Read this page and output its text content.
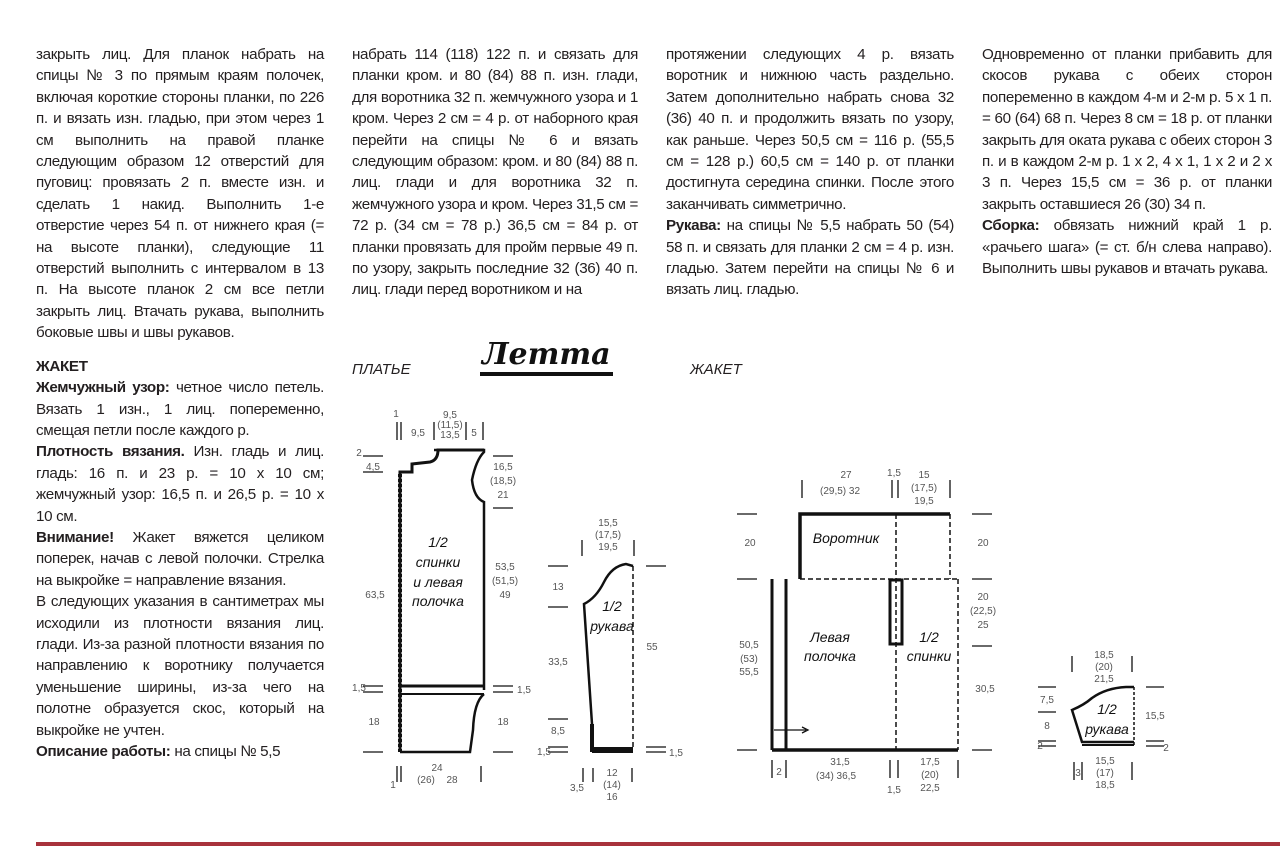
закрыть лиц. Для планок набрать на спицы № 3 по прямым краям полочек, включая короткие стороны планки, по 226 п. и вязать изн. гладью, при этом через 1 см выполнить на правой планке следующим образом 12 отверстий для пуговиц: провязать 2 п. вместе изн. и сделать 1 накид. Выполнить 1-е отверстие через 54 п. от нижнего края (= на высоте планки), следующие 11 отверстий выполнить с интервалом в 13 п. На высоте планок 2 см все петли закрыть лиц. Втачать рукава, выполнить боковые швы и швы рукавов.

ЖАКЕТ

Жемчужный узор: четное число петель. Вязать 1 изн., 1 лиц. попеременно, смещая петли после каждого р.

Плотность вязания. Изн. гладь и лиц. гладь: 16 п. и 23 р. = 10 х 10 см; жемчужный узор: 16,5 п. и 26,5 р. = 10 х 10 см.

Внимание! Жакет вяжется целиком поперек, начав с левой полочки. Стрелка на выкройке = направление вязания.

В следующих указания в сантиметрах мы исходили из плотности вязания лиц. глади. Из-за разной плотности вязания по направлению к воротнику получается уменьшение ширины, из-за чего на полотне образуется скос, который на выкройке не учтен.

Описание работы: на спицы № 5,5

набрать 114 (118) 122 п. и связать для планки кром. и 80 (84) 88 п. изн. глади, для воротника 32 п. жемчужного узора и 1 кром. Через 2 см = 4 р. от наборного края перейти на спицы № 6 и вязать следующим образом: кром. и 80 (84) 88 п. лиц. глади и для воротника 32 п. жемчужного узора и кром. Через 31,5 см = 72 р. (34 см = 78 р.) 36,5 см = 84 р. от планки провязать для пройм первые 49 п. по узору, закрыть последние 32 (36) 40 п. лиц. глади перед воротником и на

протяжении следующих 4 р. вязать воротник и нижнюю часть раздельно. Затем дополнительно набрать снова 32 (36) 40 п. и продолжить вязать по узору, как раньше. Через 50,5 см = 116 р. (55,5 см = 128 р.) 60,5 см = 140 р. от планки достигнута середина спинки. После этого заканчивать симметрично.

Рукава: на спицы № 5,5 набрать 50 (54) 58 п. и связать для планки 2 см = 4 р. изн. гладью. Затем перейти на спицы № 6 и вязать лиц. гладью.

Одновременно от планки прибавить для скосов рукава с обеих сторон попеременно в каждом 4-м и 2-м р. 5 х 1 п. = 60 (64) 68 п. Через 8 см = 18 р. от планки закрыть для оката рукава с обеих сторон 3 п. и в каждом 2-м р. 1 х 2, 4 х 1, 1 х 2 и 2 х 3 п. Через 15,5 см = 36 р. от планки закрыть оставшиеся 26 (30) 34 п.

Сборка: обвязать нижний край 1 р. «рачьего шага» (= ст. б/н слева направо). Выполнить швы рукавов и втачать рукава.

ПЛАТЬЕ	ЖАКЕТ
Летта
1
9,5
9,5
(11,5)
13,5 5
2
4,5	16,5
(18,5)
21
63,5
53,5
(51,5)
49
1,5	1,5
18	18
1
24
(26) 28
1/2
спинки
и левая
полочка
15,5
(17,5)
19,5
13
33,5
8,5
1,5
55
1,5
3,5
12
(14)
16
1/2
рукава
27
(29,5) 32
1,5 15
(17,5)
19,5
20	20
20
(22,5)
25
50,5
(53)
55,5
30,5
2
31,5
(34) 36,5
1,5
17,5
(20)
22,5
Воротник
Левая
полочка
1/2
спинки	18,5
(20)
21,5
7,5
8
2
15,5
2
3
15,5
(17)
18,5
1/2
рукава
